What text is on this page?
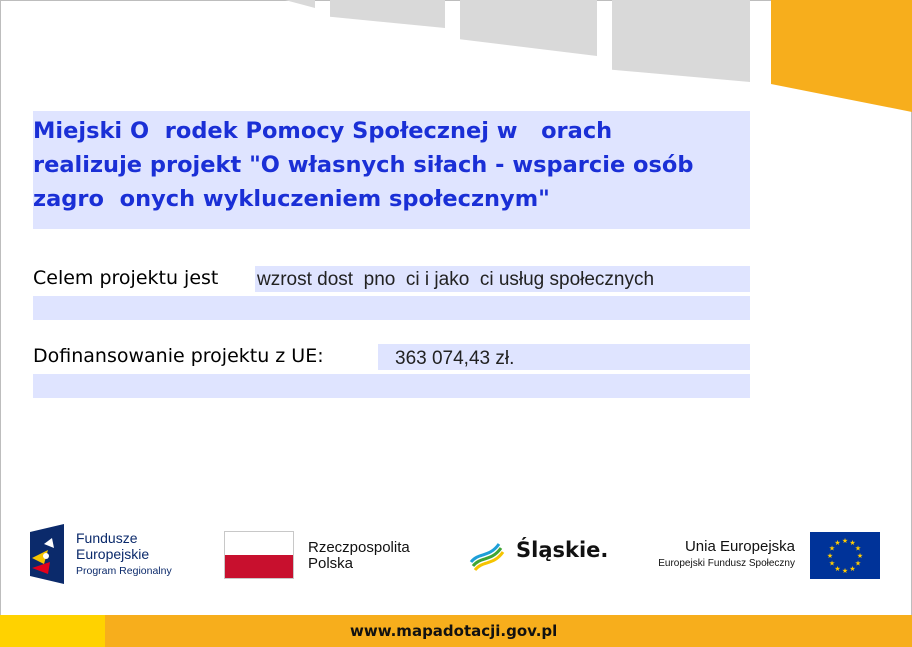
Miejski O  rodek Pomocy Społecznej w   orach
realizuje projekt "O własnych siłach - wsparcie osób
zagro  onych wykluczeniem społecznym"
Celem projektu jest wzrost dost  pno  ci i jako  ci usług społecznych
Dofinansowanie projektu z UE:	363 074,43 zł.
Fundusze
Europejskie
Program Regionalny
Rzeczpospolita
Polska
Śląskie.	Unia Europejska
Europejski Fundusz Społeczny
★
★
★
★
★
★
★
★
★ ★ ★
★
www.mapadotacji.gov.pl
